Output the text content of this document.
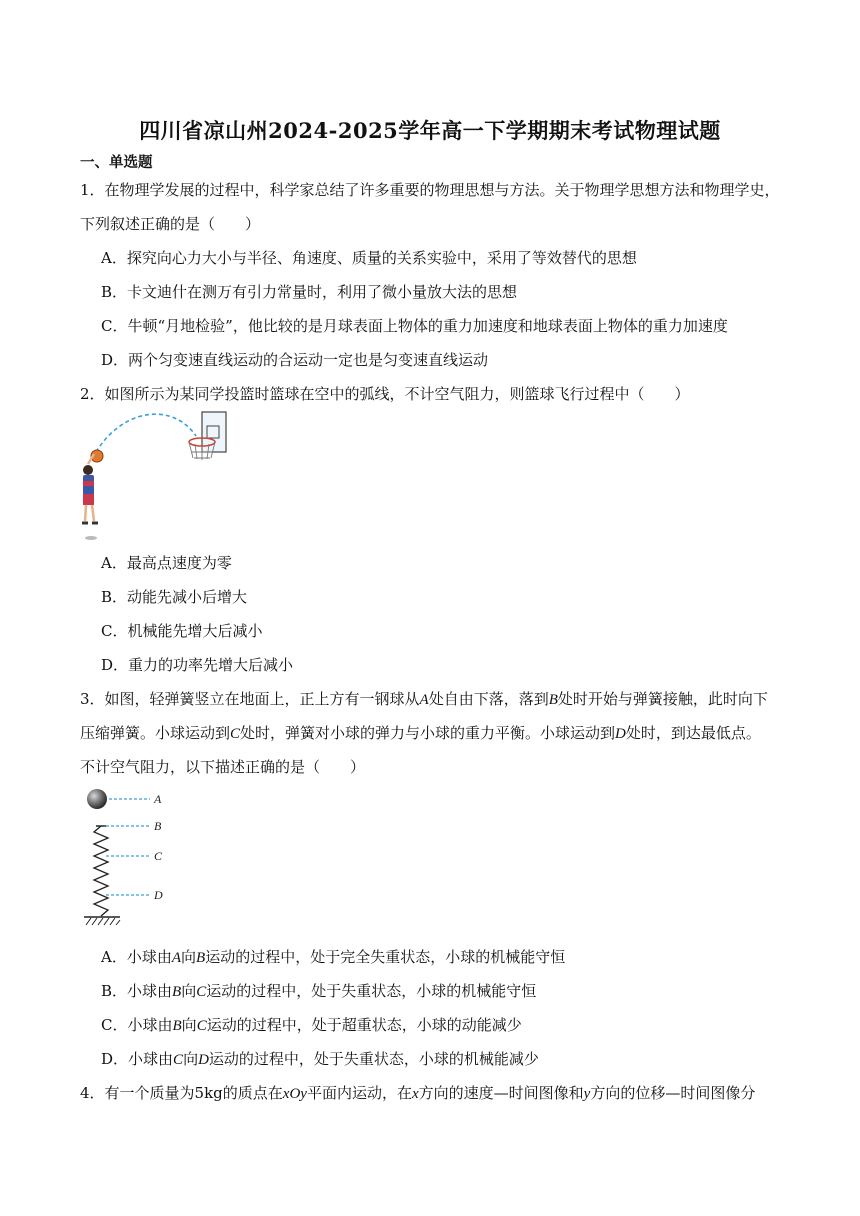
四川省凉山州2024-2025学年高一下学期期末考试物理试题
一、单选题
1．在物理学发展的过程中，科学家总结了许多重要的物理思想与方法。关于物理学思想方法和物理学史，
下列叙述正确的是（　　）
A．探究向心力大小与半径、角速度、质量的关系实验中，采用了等效替代的思想
B．卡文迪什在测万有引力常量时，利用了微小量放大法的思想
C．牛顿“月地检验”，他比较的是月球表面上物体的重力加速度和地球表面上物体的重力加速度
D．两个匀变速直线运动的合运动一定也是匀变速直线运动
2．如图所示为某同学投篮时篮球在空中的弧线，不计空气阻力，则篮球飞行过程中（　　）
A．最高点速度为零
B．动能先减小后增大
C．机械能先增大后减小
D．重力的功率先增大后减小
3．如图，轻弹簧竖立在地面上，正上方有一钢球从A处自由下落，落到B处时开始与弹簧接触，此时向下
压缩弹簧。小球运动到C处时，弹簧对小球的弹力与小球的重力平衡。小球运动到D处时，到达最低点。
不计空气阻力，以下描述正确的是（　　）
A
B
C
D
A．小球由A向B运动的过程中，处于完全失重状态，小球的机械能守恒
B．小球由B向C运动的过程中，处于失重状态，小球的机械能守恒
C．小球由B向C运动的过程中，处于超重状态，小球的动能减少
D．小球由C向D运动的过程中，处于失重状态，小球的机械能减少
4．有一个质量为5kg的质点在xOy平面内运动，在x方向的速度—时间图像和y方向的位移—时间图像分
